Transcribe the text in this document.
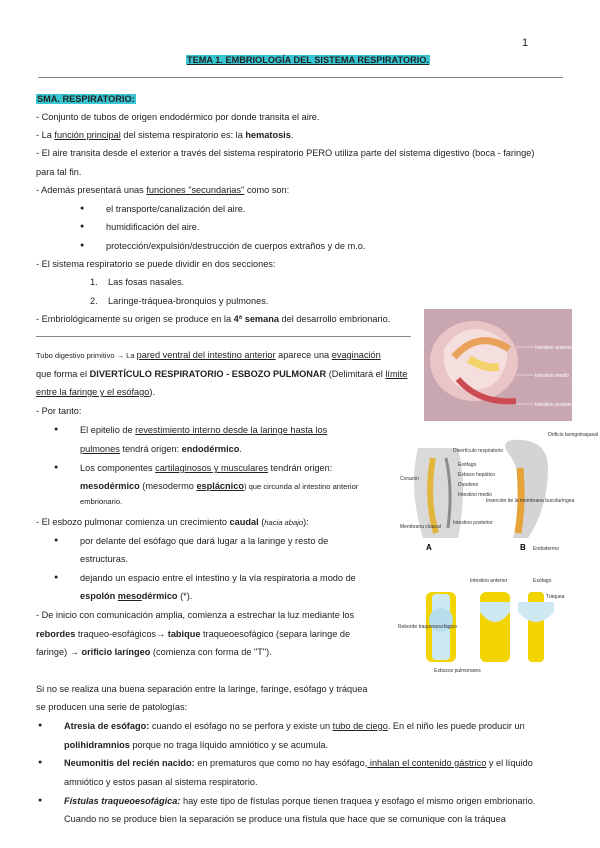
1
TEMA 1. EMBRIOLOGÍA DEL SISTEMA RESPIRATORIO.
SMA. RESPIRATORIO:
- Conjunto de tubos de origen endodérmico por donde transita el aire.
- La función principal del sistema respiratorio es: la hematosis.
- El aire transita desde el exterior a través del sistema respiratorio PERO utiliza parte del sistema digestivo (boca - faringe)
para tal fin.
- Además presentará unas funciones "secundarias" como son:
● el transporte/canalización del aire.
● humidificación del aire.
● protección/expulsión/destrucción de cuerpos extraños y de m.o.
- El sistema respiratorio se puede dividir en dos secciones:
1. Las fosas nasales.
2. Laringe-tráquea-bronquios y pulmones.
- Embriológicamente su origen se produce en la 4ª semana del desarrollo embrionario.
Tubo digestivo primitivo → La pared ventral del intestino anterior aparece una evaginación
que forma el DIVERTÍCULO RESPIRATORIO - ESBOZO PULMONAR (Delimitará el límite
entre la faringe y el esófago).
- Por tanto:
● El epitelio de revestimiento interno desde la laringe hasta los
pulmones tendrá origen: endodérmico.
● Los componentes cartilaginosos y musculares tendrán origen:
mesodérmico (mesodermo esplácnico) que circunda al intestino anterior
embrionario.
- El esbozo pulmonar comienza un crecimiento caudal (hacia abajo):
● por delante del esófago que dará lugar a la laringe y resto de
estructuras.
● dejando un espacio entre el intestino y la vía respiratoria a modo de
espolón mesodérmico (*).
- De inicio con comunicación amplia, comienza a estrechar la luz mediante los
rebordes traqueo-esofágicos→ tabique traqueoesofágico (separa laringe de
faringe) → orificio laríngeo (comienza con forma de "T").
Si no se realiza una buena separación entre la laringe, faringe, esófago y tráquea
se producen una serie de patologías:
● Atresia de esófago: cuando el esófago no se perfora y existe un tubo de ciego. En el niño les puede producir un
polihidramnios porque no traga líquido amniótico y se acumula.
● Neumonitis del recién nacido: en prematuros que como no hay esófago, inhalan el contenido gástrico y el líquido
amniótico y estos pasan al sistema respiratorio.
● Fístulas traqueoesofágica: hay este tipo de fístulas porque tienen traquea y esofago el mismo origen embrionario.
Cuando no se produce bien la separación se produce una fístula que hace que se comunique con la tráquea
Intestino anterior
Intestino medio
Intestino posterior
Divertículo respiratorio
Esófago
Esbozo hepático
Duodeno
Intestino medio
Corazón
Inserción de la membrana bucofaríngea
Intestino posterior
Membrana cloacal
Orificio laringotraqueal
Endodermo
A	B
Intestino anterior	Esófago
Tráquea
Reborde traqueoesofágico
Esbozos pulmonares
